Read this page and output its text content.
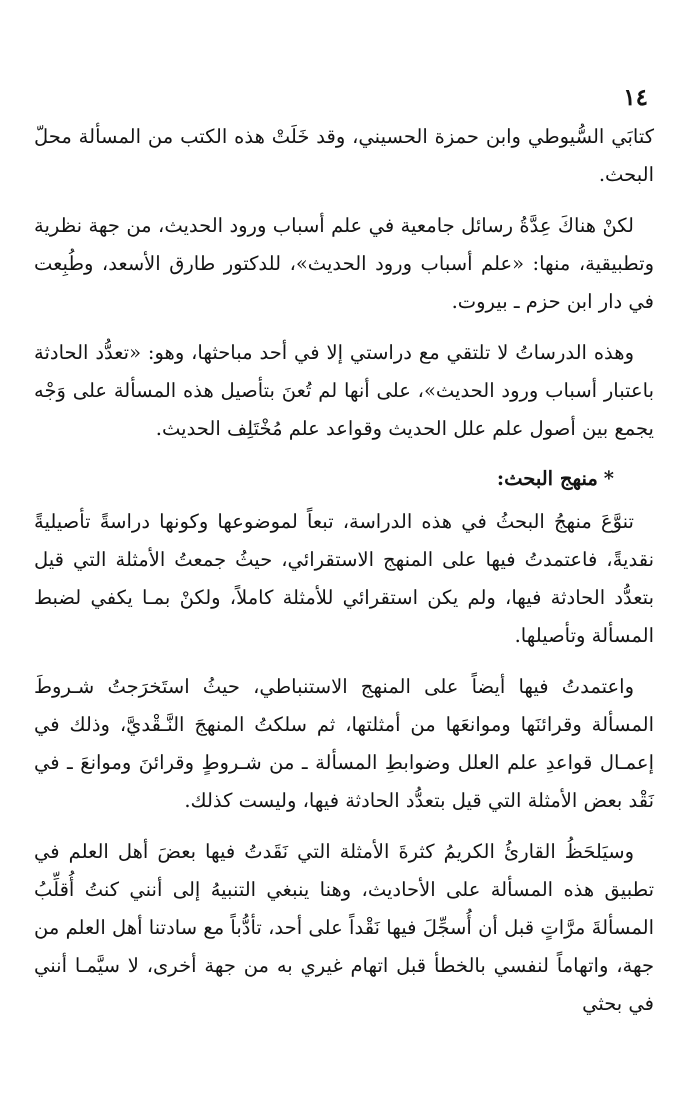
١٤

كتابَي السُّيوطي وابن حمزة الحسيني، وقد خَلَتْ هذه الكتب من المسألة محلّ البحث.

لكنْ هناكَ عِدَّةُ رسائل جامعية في علم أسباب ورود الحديث، من جهة نظرية وتطبيقية، منها: «علم أسباب ورود الحديث»، للدكتور طارق الأسعد، وطُبِعت في دار ابن حزم ـ بيروت.

وهذه الدرساتُ لا تلتقي مع دراستي إلا في أحد مباحثها، وهو: «تعدُّد الحادثة باعتبار أسباب ورود الحديث»، على أنها لم تُعنَ بتأصيل هذه المسألة على وَجْه يجمع بين أصول علم علل الحديث وقواعد علم مُخْتَلِف الحديث.

*منهج البحث:

تنوَّعَ منهجُ البحثُ في هذه الدراسة، تبعاً لموضوعها وكونها دراسةً تأصيليةً نقديةً، فاعتمدتُ فيها على المنهج الاستقرائي، حيثُ جمعتُ الأمثلة التي قيل بتعدُّد الحادثة فيها، ولم يكن استقرائي للأمثلة كاملاً، ولكنْ بمـا يكفي لضبط المسألة وتأصيلها.

واعتمدتُ فيها أيضاً على المنهج الاستنباطي، حيثُ استَخرَجتُ شـروطَ المسألة وقرائنَها وموانعَها من أمثلتها، ثم سلكتُ المنهجَ النَّـقْديَّ، وذلك في إعمـال قواعدِ علم العلل وضوابطِ المسألة ـ من شـروطٍ وقرائنَ وموانعَ ـ في نَقْد بعض الأمثلة التي قيل بتعدُّد الحادثة فيها، وليست كذلك.

وسيَلحَظُ القارئُ الكريمُ كثرةَ الأمثلة التي نَقَدتُ فيها بعضَ أهل العلم في تطبيق هذه المسألة على الأحاديث، وهنا ينبغي التنبيهُ إلى أنني كنتُ أُقلِّبُ المسألةَ مرَّاتٍ قبل أن أُسجِّلَ فيها نَقْداً على أحد، تأدُّباً مع سادتنا أهل العلم من جهة، واتهاماً لنفسي بالخطأ قبل اتهام غيري به من جهة أخرى، لا سيَّمـا أنني في بحثي
